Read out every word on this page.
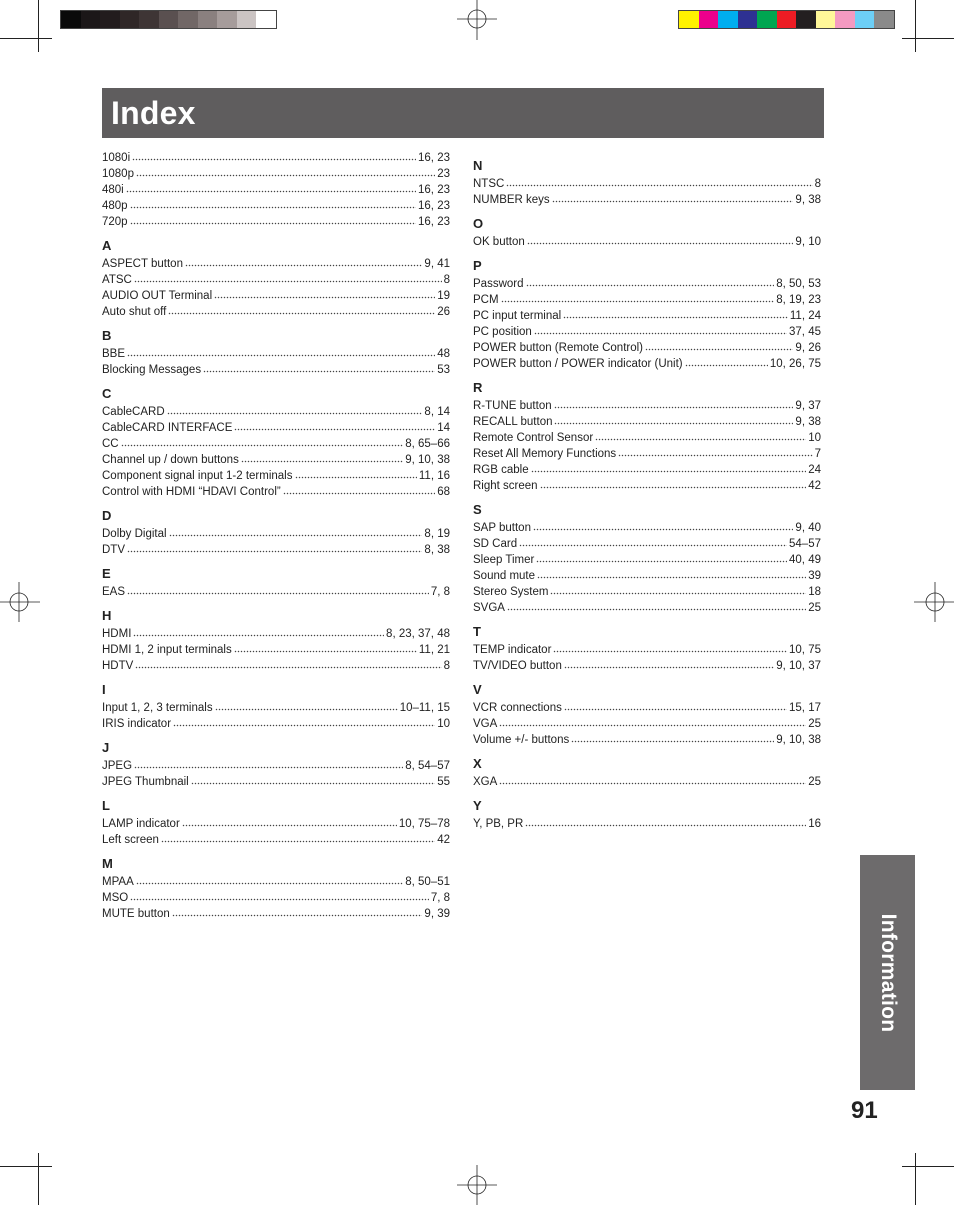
Index
1080i	16, 23
1080p	23
480i	16, 23
480p	16, 23
720p	16, 23
A
ASPECT button	9, 41
ATSC	8
AUDIO OUT Terminal	19
Auto shut off	26
B
BBE	48
Blocking Messages	53
C
CableCARD	8, 14
CableCARD INTERFACE	14
CC	8, 65–66
Channel up / down buttons	9, 10, 38
Component signal input 1-2 terminals	11, 16
Control with HDMI “HDAVI Control”	68
D
Dolby Digital	8, 19
DTV	8, 38
E
EAS	7, 8
H
HDMI	8, 23, 37, 48
HDMI 1, 2 input terminals	11, 21
HDTV	8
I
Input 1, 2, 3 terminals	10–11, 15
IRIS indicator	10
J
JPEG	8, 54–57
JPEG Thumbnail	55
L
LAMP indicator	10, 75–78
Left screen	42
M
MPAA	8, 50–51
MSO	7, 8
MUTE button	9, 39
N
NTSC	8
NUMBER keys	9, 38
O
OK button	9, 10
P
Password	8, 50, 53
PCM	8, 19, 23
PC input terminal	11, 24
PC position	37, 45
POWER button (Remote Control)	9, 26
POWER button / POWER indicator (Unit)	10, 26, 75
R
R-TUNE button	9, 37
RECALL button	9, 38
Remote Control Sensor	10
Reset All Memory Functions	7
RGB cable	24
Right screen	42
S
SAP button	9, 40
SD Card	54–57
Sleep Timer	40, 49
Sound mute	39
Stereo System	18
SVGA	25
T
TEMP indicator	10, 75
TV/VIDEO button	9, 10, 37
V
VCR connections	15, 17
VGA	25
Volume +/- buttons	9, 10, 38
X
XGA	25
Y
Y, PB, PR	16
Information
91
